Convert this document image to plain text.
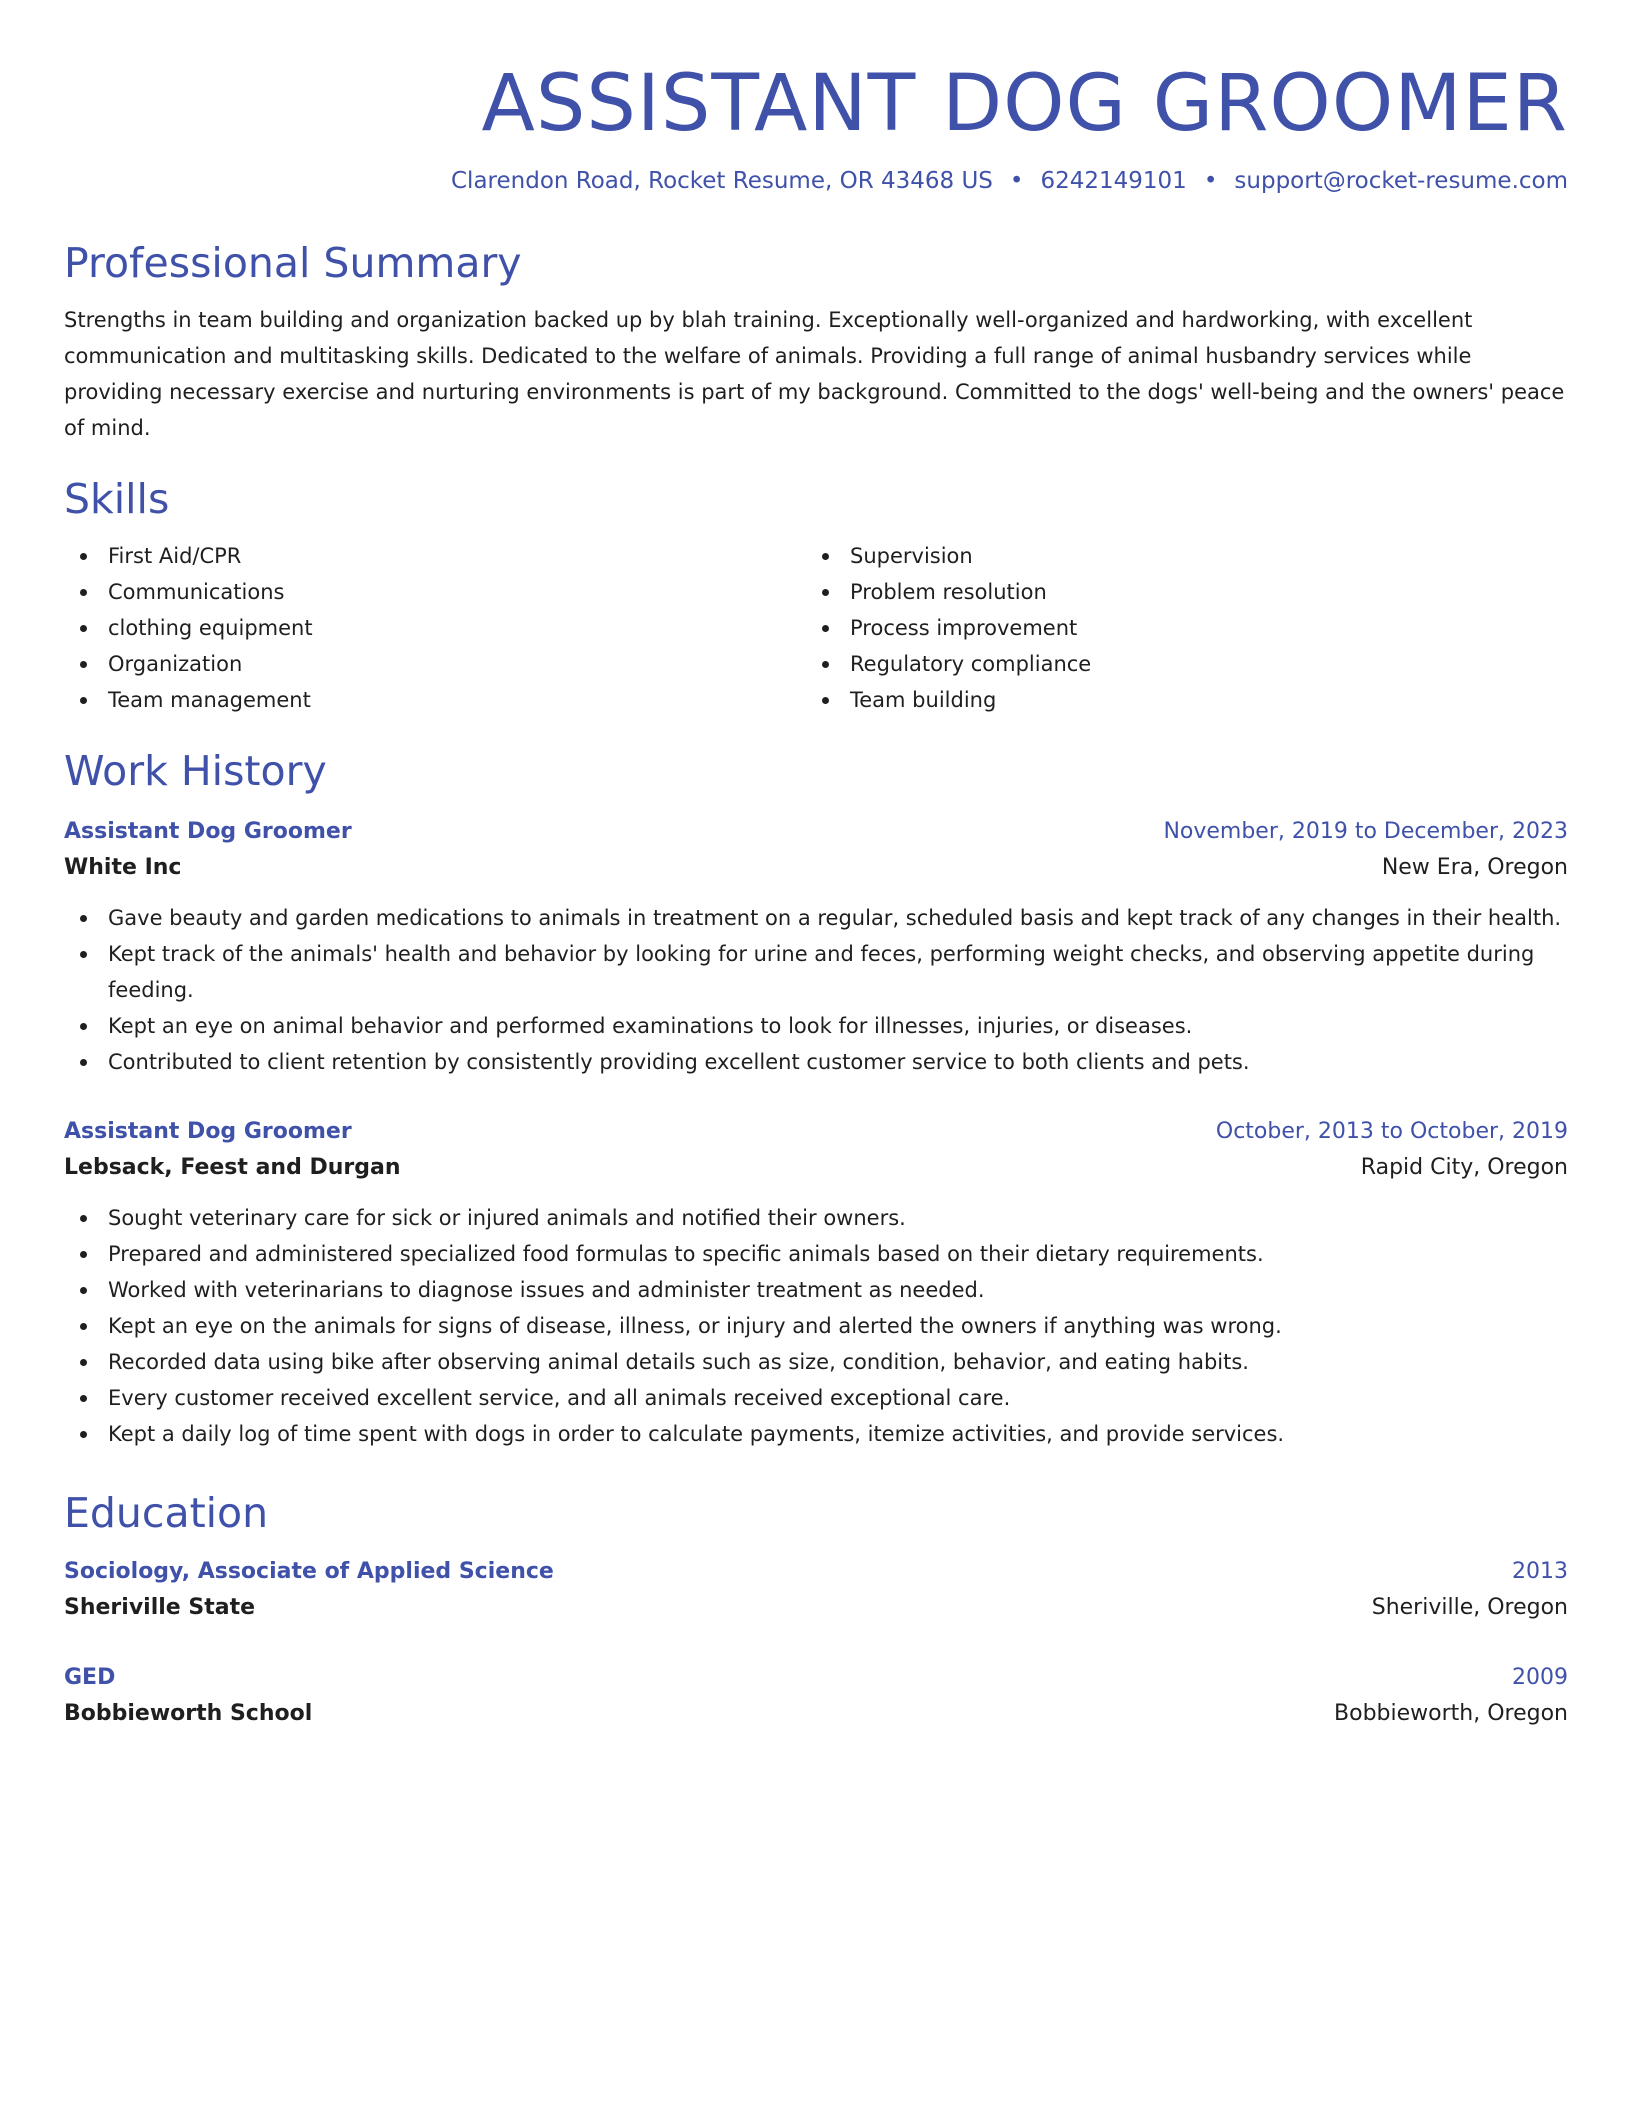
ASSISTANT DOG GROOMER
Clarendon Road, Rocket Resume, OR 43468 US • 6242149101 • support@rocket-resume.com
Professional Summary

Strengths in team building and organization backed up by blah training. Exceptionally well-organized and hardworking, with excellent communication and multitasking skills. Dedicated to the welfare of animals. Providing a full range of animal husbandry services while providing necessary exercise and nurturing environments is part of my background. Committed to the dogs' well-being and the owners' peace of mind.

Skills
First Aid/CPR
Communications
clothing equipment
Organization
Team management
Supervision
Problem resolution
Process improvement
Regulatory compliance
Team building
Work History
Assistant Dog Groomer	November, 2019 to December, 2023
White Inc	New Era, Oregon
Gave beauty and garden medications to animals in treatment on a regular, scheduled basis and kept track of any changes in their health.
Kept track of the animals' health and behavior by looking for urine and feces, performing weight checks, and observing appetite during feeding.
Kept an eye on animal behavior and performed examinations to look for illnesses, injuries, or diseases.
Contributed to client retention by consistently providing excellent customer service to both clients and pets.
Assistant Dog Groomer	October, 2013 to October, 2019
Lebsack, Feest and Durgan	Rapid City, Oregon
Sought veterinary care for sick or injured animals and notified their owners.
Prepared and administered specialized food formulas to specific animals based on their dietary requirements.
Worked with veterinarians to diagnose issues and administer treatment as needed.
Kept an eye on the animals for signs of disease, illness, or injury and alerted the owners if anything was wrong.
Recorded data using bike after observing animal details such as size, condition, behavior, and eating habits.
Every customer received excellent service, and all animals received exceptional care.
Kept a daily log of time spent with dogs in order to calculate payments, itemize activities, and provide services.
Education
Sociology, Associate of Applied Science	2013
Sheriville State	Sheriville, Oregon
GED	2009
Bobbieworth School	Bobbieworth, Oregon
